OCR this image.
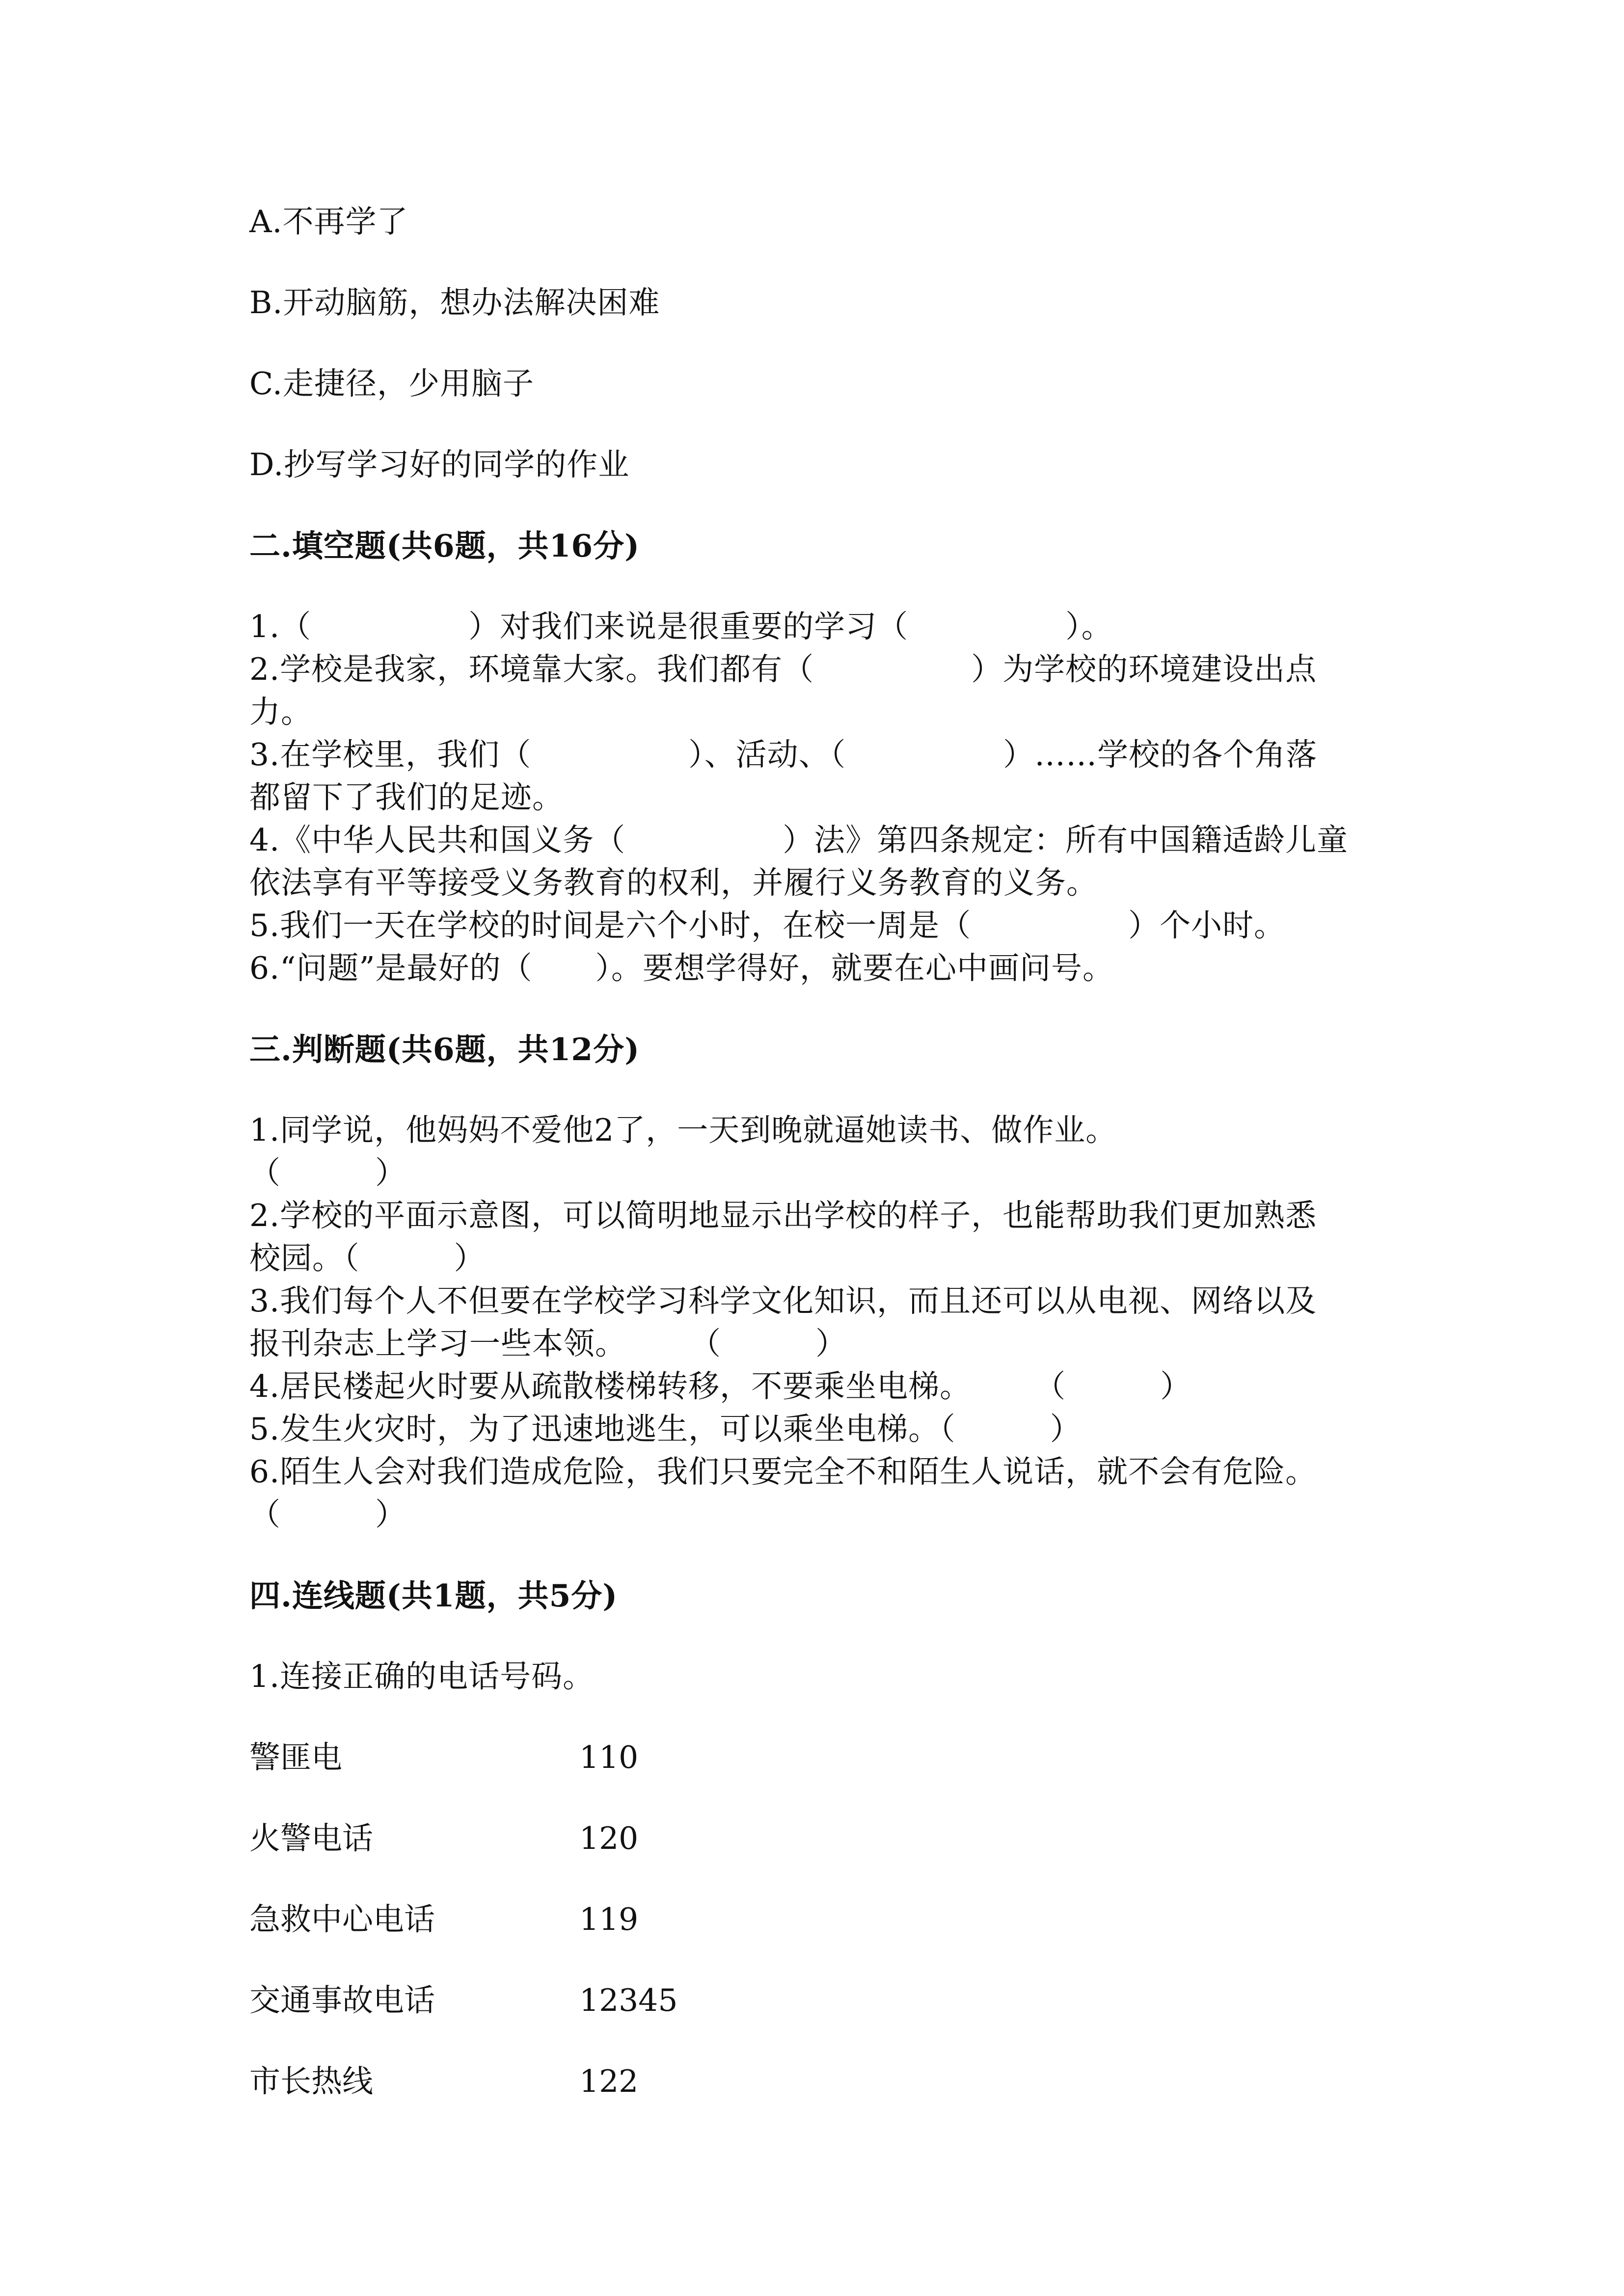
A.不再学了
B.开动脑筋，想办法解决困难
C.走捷径，少用脑子
D.抄写学习好的同学的作业
二.填空题(共6题，共16分)
1.（　　　　　）对我们来说是很重要的学习（　　　　　）。
2.学校是我家，环境靠大家。我们都有（　　　　　）为学校的环境建设出点
力。
3.在学校里，我们（　　　　　）、活动、（　　　　　）……学校的各个角落
都留下了我们的足迹。
4.《中华人民共和国义务（　　　　　）法》第四条规定：所有中国籍适龄儿童
依法享有平等接受义务教育的权利，并履行义务教育的义务。
5.我们一天在学校的时间是六个小时，在校一周是（　　　　　）个小时。
6.“问题”是最好的（　　）。要想学得好，就要在心中画问号。
三.判断题(共6题，共12分)
1.同学说，他妈妈不爱他2了，一天到晚就逼她读书、做作业。
（　　　）
2.学校的平面示意图，可以简明地显示出学校的样子，也能帮助我们更加熟悉
校园。（　　　）
3.我们每个人不但要在学校学习科学文化知识，而且还可以从电视、网络以及
报刊杂志上学习一些本领。　　　（　　　）
4.居民楼起火时要从疏散楼梯转移，不要乘坐电梯。　　　（　　　）
5.发生火灾时，为了迅速地逃生，可以乘坐电梯。（　　　）
6.陌生人会对我们造成危险，我们只要完全不和陌生人说话，就不会有危险。
（　　　）
四.连线题(共1题，共5分)
1.连接正确的电话号码。
警匪电	110
火警电话	120
急救中心电话	119
交通事故电话	12345
市长热线	122
